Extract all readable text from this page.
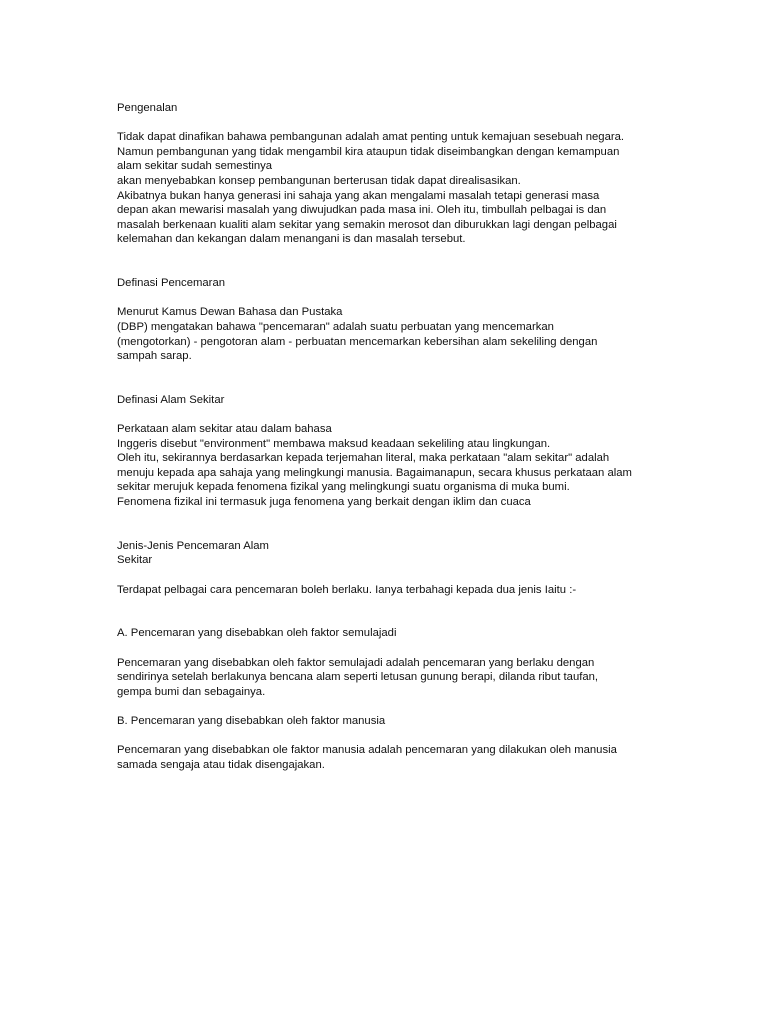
Pengenalan
Tidak dapat dinafikan bahawa pembangunan adalah amat penting untuk kemajuan sesebuah negara.
Namun pembangunan yang tidak mengambil kira ataupun tidak diseimbangkan dengan kemampuan
alam sekitar sudah semestinya
akan menyebabkan konsep pembangunan berterusan tidak dapat direalisasikan.
Akibatnya bukan hanya generasi ini sahaja yang akan mengalami masalah tetapi generasi masa
depan akan mewarisi masalah yang diwujudkan pada masa ini. Oleh itu, timbullah pelbagai is dan
masalah berkenaan kualiti alam sekitar yang semakin merosot dan diburukkan lagi dengan pelbagai
kelemahan dan kekangan dalam menangani is dan masalah tersebut.
Definasi Pencemaran
Menurut Kamus Dewan Bahasa dan Pustaka
(DBP) mengatakan bahawa "pencemaran" adalah suatu perbuatan yang mencemarkan
(mengotorkan) - pengotoran alam - perbuatan mencemarkan kebersihan alam sekeliling dengan
sampah sarap.
Definasi Alam Sekitar
Perkataan alam sekitar atau dalam bahasa
Inggeris disebut "environment" membawa maksud keadaan sekeliling atau lingkungan.
Oleh itu, sekirannya berdasarkan kepada terjemahan literal, maka perkataan "alam sekitar" adalah
menuju kepada apa sahaja yang melingkungi manusia. Bagaimanapun, secara khusus perkataan alam
sekitar merujuk kepada fenomena fizikal yang melingkungi suatu organisma di muka bumi.
Fenomena fizikal ini termasuk juga fenomena yang berkait dengan iklim dan cuaca
Jenis-Jenis Pencemaran Alam
Sekitar
Terdapat pelbagai cara pencemaran boleh berlaku. Ianya terbahagi kepada dua jenis Iaitu :-
A. Pencemaran yang disebabkan oleh faktor semulajadi
Pencemaran yang disebabkan oleh faktor semulajadi adalah pencemaran yang berlaku dengan
sendirinya setelah berlakunya bencana alam seperti letusan gunung berapi, dilanda ribut taufan,
gempa bumi dan sebagainya.
B. Pencemaran yang disebabkan oleh faktor manusia
Pencemaran yang disebabkan ole faktor manusia adalah pencemaran yang dilakukan oleh manusia
samada sengaja atau tidak disengajakan.
